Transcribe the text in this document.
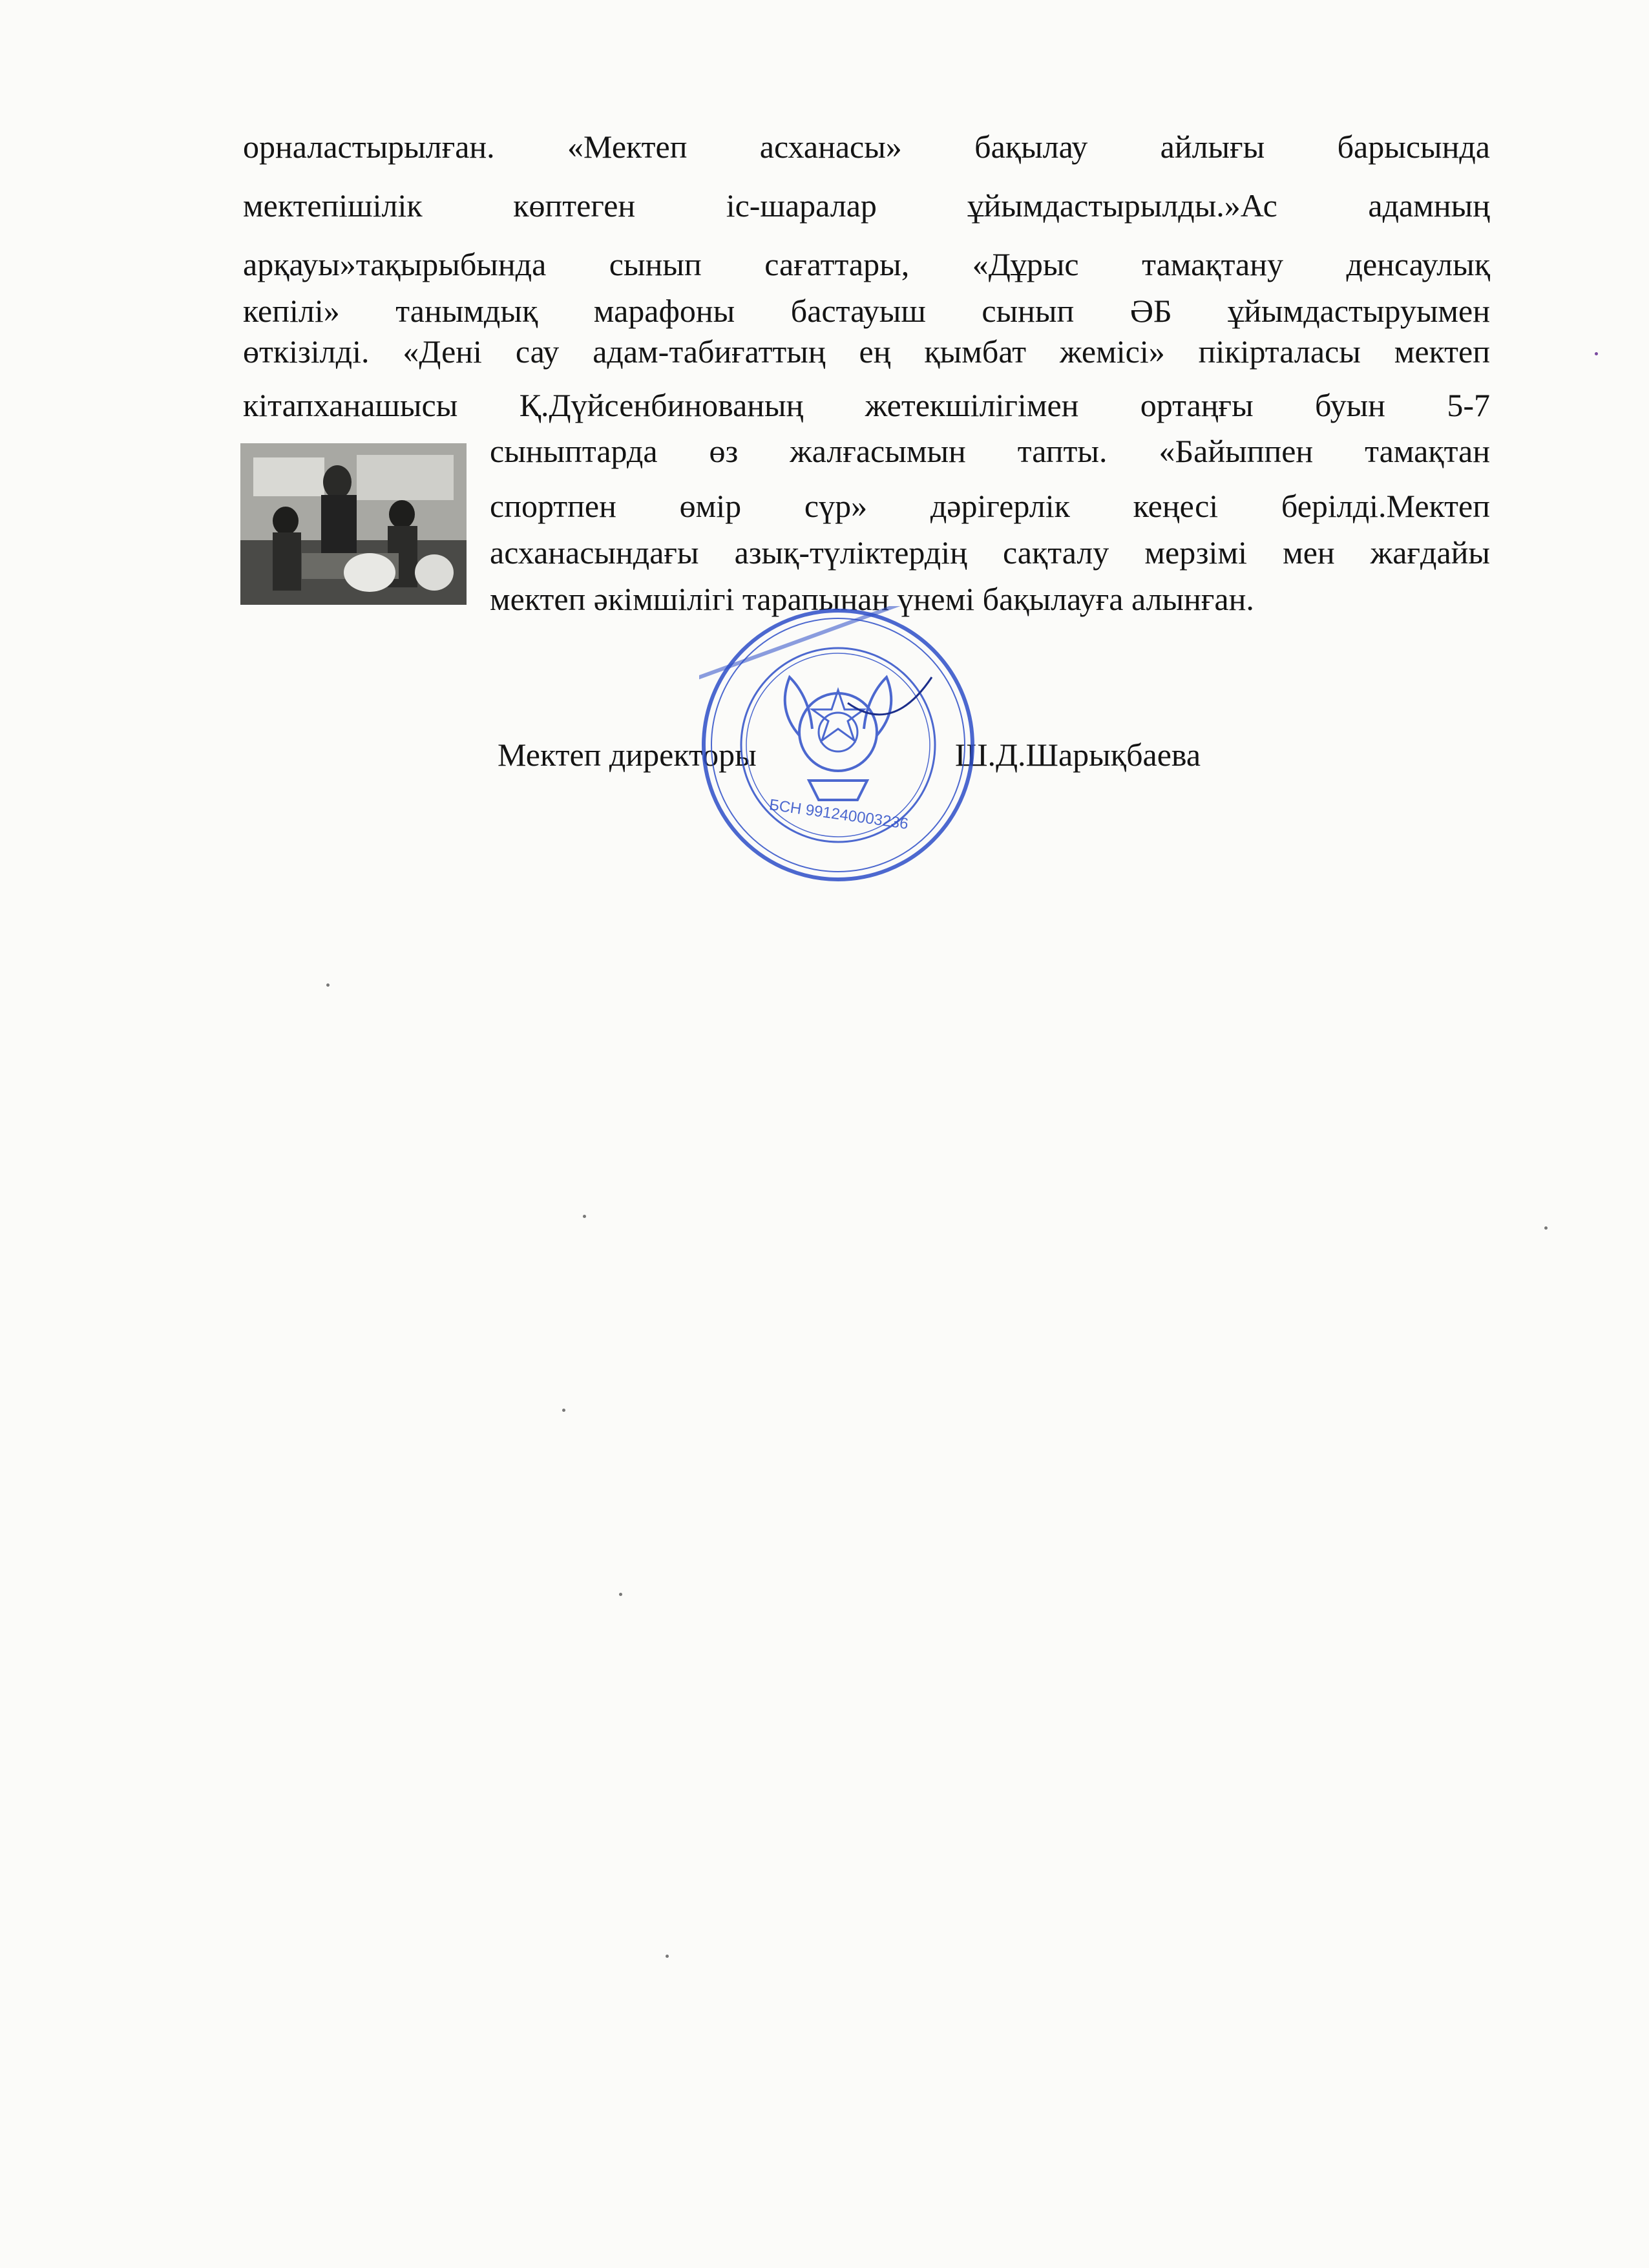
орналастырылған. «Мектеп асханасы» бақылау айлығы барысында
мектепішілік көптеген іс-шаралар ұйымдастырылды.»Ас адамның
арқауы»тақырыбында сынып сағаттары, «Дұрыс тамақтану денсаулық
кепілі» танымдық марафоны бастауыш сынып ӘБ ұйымдастыруымен
өткізілді. «Дені сау адам-табиғаттың ең қымбат жемісі» пікірталасы мектеп
кітапханашысы Қ.Дүйсенбинованың жетекшілігімен ортаңғы буын 5-7
сыныптарда өз жалғасымын тапты. «Байыппен тамақтан
спортпен өмір сүр» дәрігерлік кеңесі берілді.Мектеп
асханасындағы азық-түліктердің сақталу мерзімі мен жағдайы
мектеп әкімшілігі тарапынан үнемі бақылауға алынған.
Мектеп директоры	Ш.Д.Шарықбаева
БСН 991240003236
